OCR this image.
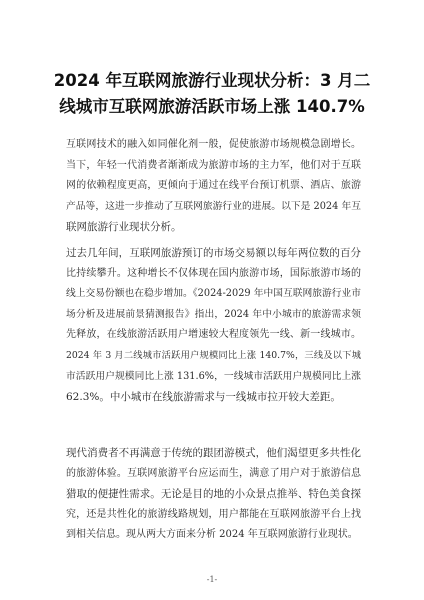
2024 年互联网旅游行业现状分析：3 月二
线城市互联网旅游活跃市场上涨 140.7%
互联网技术的融入如同催化剂一般，促使旅游市场规模急剧增长。
当下，年轻一代消费者渐渐成为旅游市场的主力军，他们对于互联
网的依赖程度更高，更倾向于通过在线平台预订机票、酒店、旅游
产品等，这进一步推动了互联网旅游行业的进展。以下是 2024 年互
联网旅游行业现状分析。
过去几年间，互联网旅游预订的市场交易额以每年两位数的百分
比持续攀升。这种增长不仅体现在国内旅游市场，国际旅游市场的
线上交易份额也在稳步增加。《2024-2029 年中国互联网旅游行业市
场分析及进展前景猜测报告》指出，2024 年中小城市的旅游需求领
先释放，在线旅游活跃用户增速较大程度领先一线、新一线城市。
2024 年 3 月二线城市活跃用户规模同比上涨 140.7%，三线及以下城
市活跃用户规模同比上涨 131.6%，一线城市活跃用户规模同比上涨
62.3%。中小城市在线旅游需求与一线城市拉开较大差距。
现代消费者不再满意于传统的跟团游模式，他们渴望更多共性化
的旅游体验。互联网旅游平台应运而生，满意了用户对于旅游信息
猎取的便捷性需求。无论是目的地的小众景点推举、特色美食探
究，还是共性化的旅游线路规划，用户都能在互联网旅游平台上找
到相关信息。现从两大方面来分析 2024 年互联网旅游行业现状。
-1-
